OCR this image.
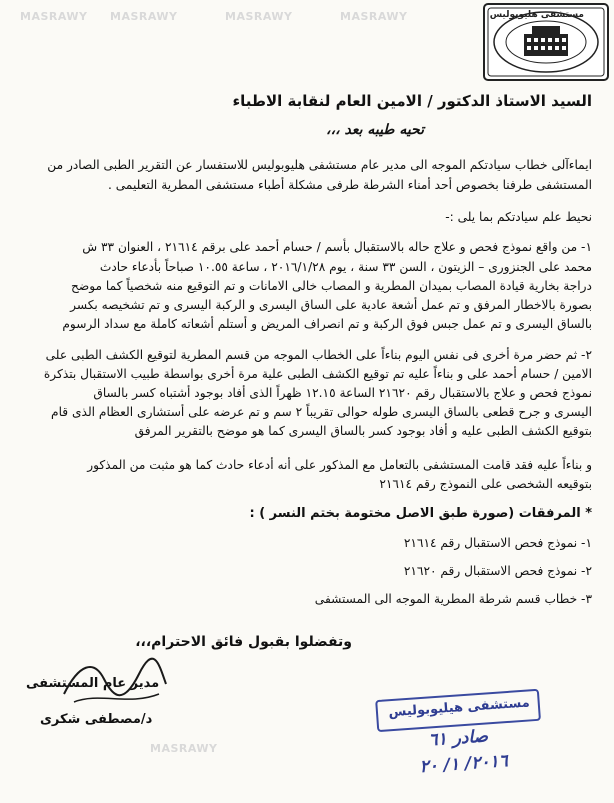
MASRAWY MASRAWY	MASRAWY	MASRAWY
MASRAWY
مستشفى هليوبوليس
السيد الاستاذ الدكتور / الامين العام لنقابة الاطباء
تحيه طيبه بعد ،،،
ايماءآلى خطاب سيادتكم الموجه الى مدير عام مستشفى هليوبوليس للاستفسار عن التقرير الطبى الصادر من
المستشفى طرفنا بخصوص أحد أمناء الشرطة طرفى مشكلة أطباء مستشفى المطرية التعليمى .
نحيط علم سيادتكم بما يلى :-
١- من واقع نموذج فحص و علاج حاله بالاستقبال بأسم / حسام أحمد على برقم ٢١٦١٤ ، العنوان ٣٣ ش
محمد على الجنزورى – الزيتون ، السن ٣٣ سنة ، يوم ٢٠١٦/١/٢٨ ، ساعة ١٠.٥٥ صباحاً بأدعاء حادث
دراجة بخارية قيادة المصاب بميدان المطرية و المصاب خالى الامانات و تم التوقيع منه شخصياً كما موضح
بصورة بالاخطار المرفق و تم عمل أشعة عادية على الساق اليسرى و الركبة اليسرى و تم تشخيصه بكسر
بالساق اليسرى و تم عمل جبس فوق الركبة و تم انصراف المريض و أستلم أشعاته كاملة مع سداد الرسوم
٢- ثم حضر مرة أخرى فى نفس اليوم بناءاً على الخطاب الموجه من قسم المطرية لتوقيع الكشف الطبى على
الامين / حسام أحمد على و بناءاً عليه تم توقيع الكشف الطبى علية مرة أخرى بواسطة طبيب الاستقبال بتذكرة
نموذج فحص و علاج بالاستقبال رقم ٢١٦٢٠ الساعة ١٢.١٥ ظهراً الذى أفاد بوجود أشتباه كسر بالساق
اليسرى و جرح قطعى بالساق اليسرى طوله حوالى تقريباً ٢ سم و تم عرضه على أستشارى العظام الذى قام
بتوقيع الكشف الطبى عليه و أفاد بوجود كسر بالساق اليسرى كما هو موضح بالتقرير المرفق
و بناءاً عليه فقد قامت المستشفى بالتعامل مع المذكور على أنه أدعاء حادث كما هو مثبت من المذكور
بتوقيعه الشخصى على النموذج رقم ٢١٦١٤
* المرفقات (صورة طبق الاصل مختومة بختم النسر ) :
١- نموذج فحص الاستقبال رقم ٢١٦١٤
٢- نموذج فحص الاستقبال رقم ٢١٦٢٠
٣- خطاب قسم شرطة المطرية الموجه الى المستشفى
وتفضلوا بقبول فائق الاحترام،،،
مدير عام المستشفى
د/مصطفى شكرى	مستشفى هيليوبوليس
صادر ٦١
٢٠١٦/ ١/ ٢٠
